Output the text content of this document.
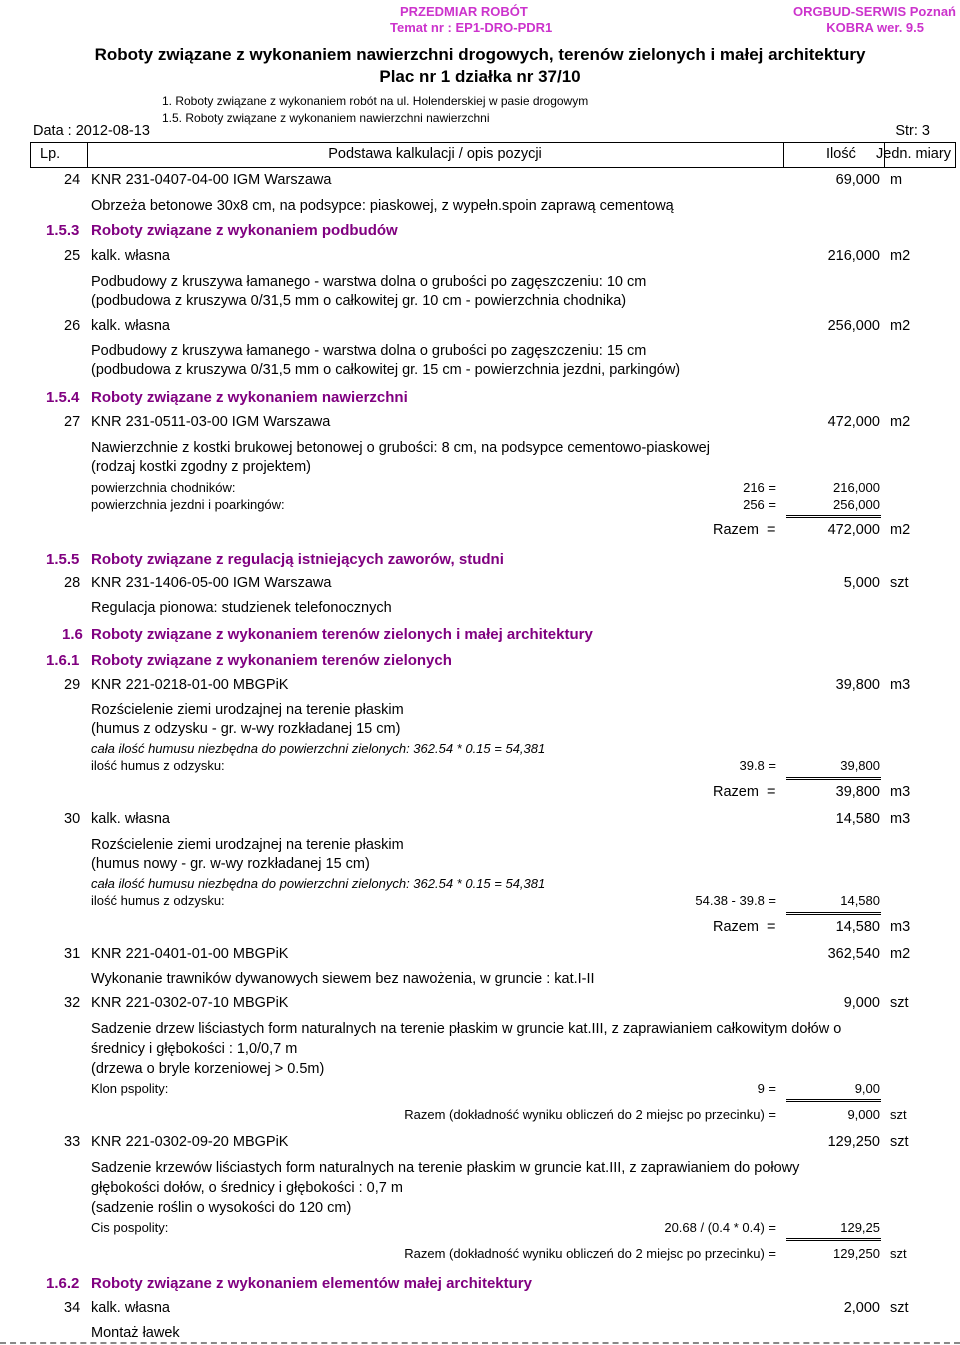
PRZEDMIAR ROBÓT
Temat nr : EP1-DRO-PDR1
ORGBUD-SERWIS Poznań
KOBRA wer. 9.5
Roboty związane z wykonaniem nawierzchni drogowych, terenów zielonych i małej architektury
Plac nr 1 działka nr 37/10
1. Roboty związane z wykonaniem robót na ul. Holenderskiej w pasie drogowym
1.5. Roboty związane z wykonaniem nawierzchni nawierzchni
Data : 2012-08-13	Str: 3
Lp.	Podstawa kalkulacji / opis pozycji	Ilość Jedn. miary
24 KNR 231-0407-04-00 IGM Warszawa	69,000 m
Obrzeża betonowe 30x8 cm, na podsypce: piaskowej, z wypełn.spoin zaprawą cementową
1.5.3 Roboty związane z wykonaniem podbudów
25 kalk. własna	216,000 m2
Podbudowy z kruszywa łamanego - warstwa dolna o grubości po zagęszczeniu: 10 cm
(podbudowa z kruszywa 0/31,5 mm o całkowitej gr. 10 cm - powierzchnia chodnika)
26 kalk. własna	256,000 m2
Podbudowy z kruszywa łamanego - warstwa dolna o grubości po zagęszczeniu: 15 cm
(podbudowa z kruszywa 0/31,5 mm o całkowitej gr. 15 cm - powierzchnia jezdni, parkingów)
1.5.4 Roboty związane z wykonaniem nawierzchni
27 KNR 231-0511-03-00 IGM Warszawa	472,000 m2
Nawierzchnie z kostki brukowej betonowej o grubości: 8 cm, na podsypce cementowo-piaskowej
(rodzaj kostki zgodny z projektem)
powierzchnia chodników:	216 =	216,000
powierzchnia jezdni i poarkingów:	256 =	256,000
Razem =	472,000 m2
1.5.5 Roboty związane z regulacją istniejących zaworów, studni
28 KNR 231-1406-05-00 IGM Warszawa	5,000 szt
Regulacja pionowa: studzienek telefonocznych
1.6 Roboty związane z wykonaniem terenów zielonych i małej architektury
1.6.1 Roboty związane z wykonaniem terenów zielonych
29 KNR 221-0218-01-00 MBGPiK	39,800 m3
Rozścielenie ziemi urodzajnej na terenie płaskim
(humus z odzysku - gr. w-wy rozkładanej 15 cm)
cała ilość humusu niezbędna do powierzchni zielonych: 362.54 * 0.15 = 54,381
ilość humus z odzysku:	39.8 =	39,800
Razem =	39,800 m3
30 kalk. własna	14,580 m3
Rozścielenie ziemi urodzajnej na terenie płaskim
(humus nowy - gr. w-wy rozkładanej 15 cm)
cała ilość humusu niezbędna do powierzchni zielonych: 362.54 * 0.15 = 54,381
ilość humus z odzysku:	54.38 - 39.8 =	14,580
Razem =	14,580 m3
31 KNR 221-0401-01-00 MBGPiK	362,540 m2
Wykonanie trawników dywanowych siewem bez nawożenia, w gruncie : kat.I-II
32 KNR 221-0302-07-10 MBGPiK	9,000 szt
Sadzenie drzew liściastych form naturalnych na terenie płaskim w gruncie kat.III, z zaprawianiem całkowitym dołów o
średnicy i głębokości : 1,0/0,7 m
(drzewa o bryle korzeniowej > 0.5m)
Klon pspolity:	9 =	9,00
Razem (dokładność wyniku obliczeń do 2 miejsc po przecinku) =	9,000 szt
33 KNR 221-0302-09-20 MBGPiK	129,250 szt
Sadzenie krzewów liściastych form naturalnych na terenie płaskim w gruncie kat.III, z zaprawianiem do połowy
głębokości dołów, o średnicy i głębokości : 0,7 m
(sadzenie roślin o wysokości do 120 cm)
Cis pospolity:	20.68 / (0.4 * 0.4) =	129,25
Razem (dokładność wyniku obliczeń do 2 miejsc po przecinku) =	129,250 szt
1.6.2 Roboty związane z wykonaniem elementów małej architektury
34 kalk. własna	2,000 szt
Montaż ławek
